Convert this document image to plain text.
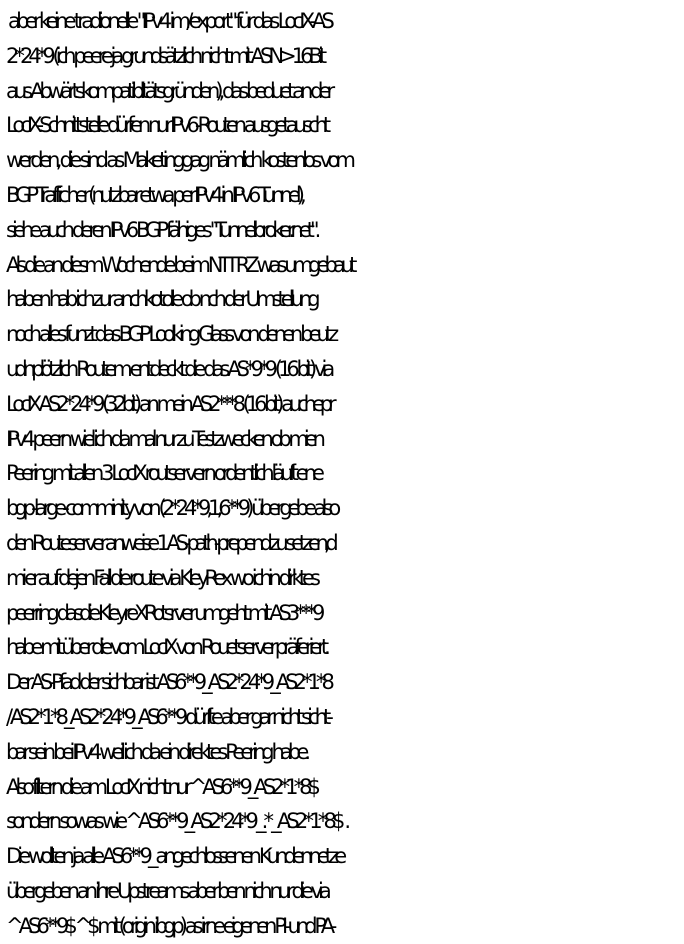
aber keine tradionelle "IPv4 im/export" für das LocIX-AS
2*24*9 (ich peere ja grundsätzlich nicht mit ASN>16Bit
aus Abwärtskompatiblitätsgründen), das beduet an der
LocIX-Schnittstelle dürfen nur IPv6-Routen ausgetauscht
werden, die sind as Maketinggag nämlich kostenlos vom
BGP Traffic her (nutzbar etwa per IPv4 in IPv6 Tunnel),
siehe auch deren IPv6 BGP fähiges "Tunnelbroker.net".
Als die an diesm Wochende beim NTT RZ was umgebaut
haben hab ich zur anchkotolle ob nch der Umstellung
noch alles funzt das BGP Loolking Glass von denen beutz
udnplötzlich Routem entdeckt die das AS*9*9 (16 bit) via
LocIX AS2*24*9 (32bit) an mein AS2***8 (16 bit) auchepr
IPv4 peern wiel ich da mal nur zu Testzwecken ob mien
Peering mit allen 3 LocIX routservern ordentlich läuft ene
bgp-large-comminity von (2*24*9,1,6**9) übergebe also
den Routeserver anweise 1 AS-path-prepend zu setzen,d
mi er auf dejen Fall die route via KleyRex wo ichin dirktes
peerring dasdie KleyreXRotsrver umgeht mit AS3***9
habe mit über die vom LocIX von Rouetserver präferiert.
Der AS-Pfad der sichbar ist AS6**9_AS2*24*9_AS2*1*8
/ AS2*1*8_AS2*24*9_AS6**9 dürfte aber gar nicht sicht-
bar sein bei IPv4 weil ich da ein direktes Peering habe.
Also filtern die am LocIX nicht nur ^AS6**9_AS2*1*8$
sondern sowas wie ^AS6**9_AS2*24*9 _.* _AS2*1*8$  .
Die wollten ja alle AS6**9_ angechlossenen Kundennetze
übergeben an ihre Upstreams aber ben nich nur die via
^AS6**9$ ^$ mit (origin ibgp) as irne eigenen PI- und PA-
